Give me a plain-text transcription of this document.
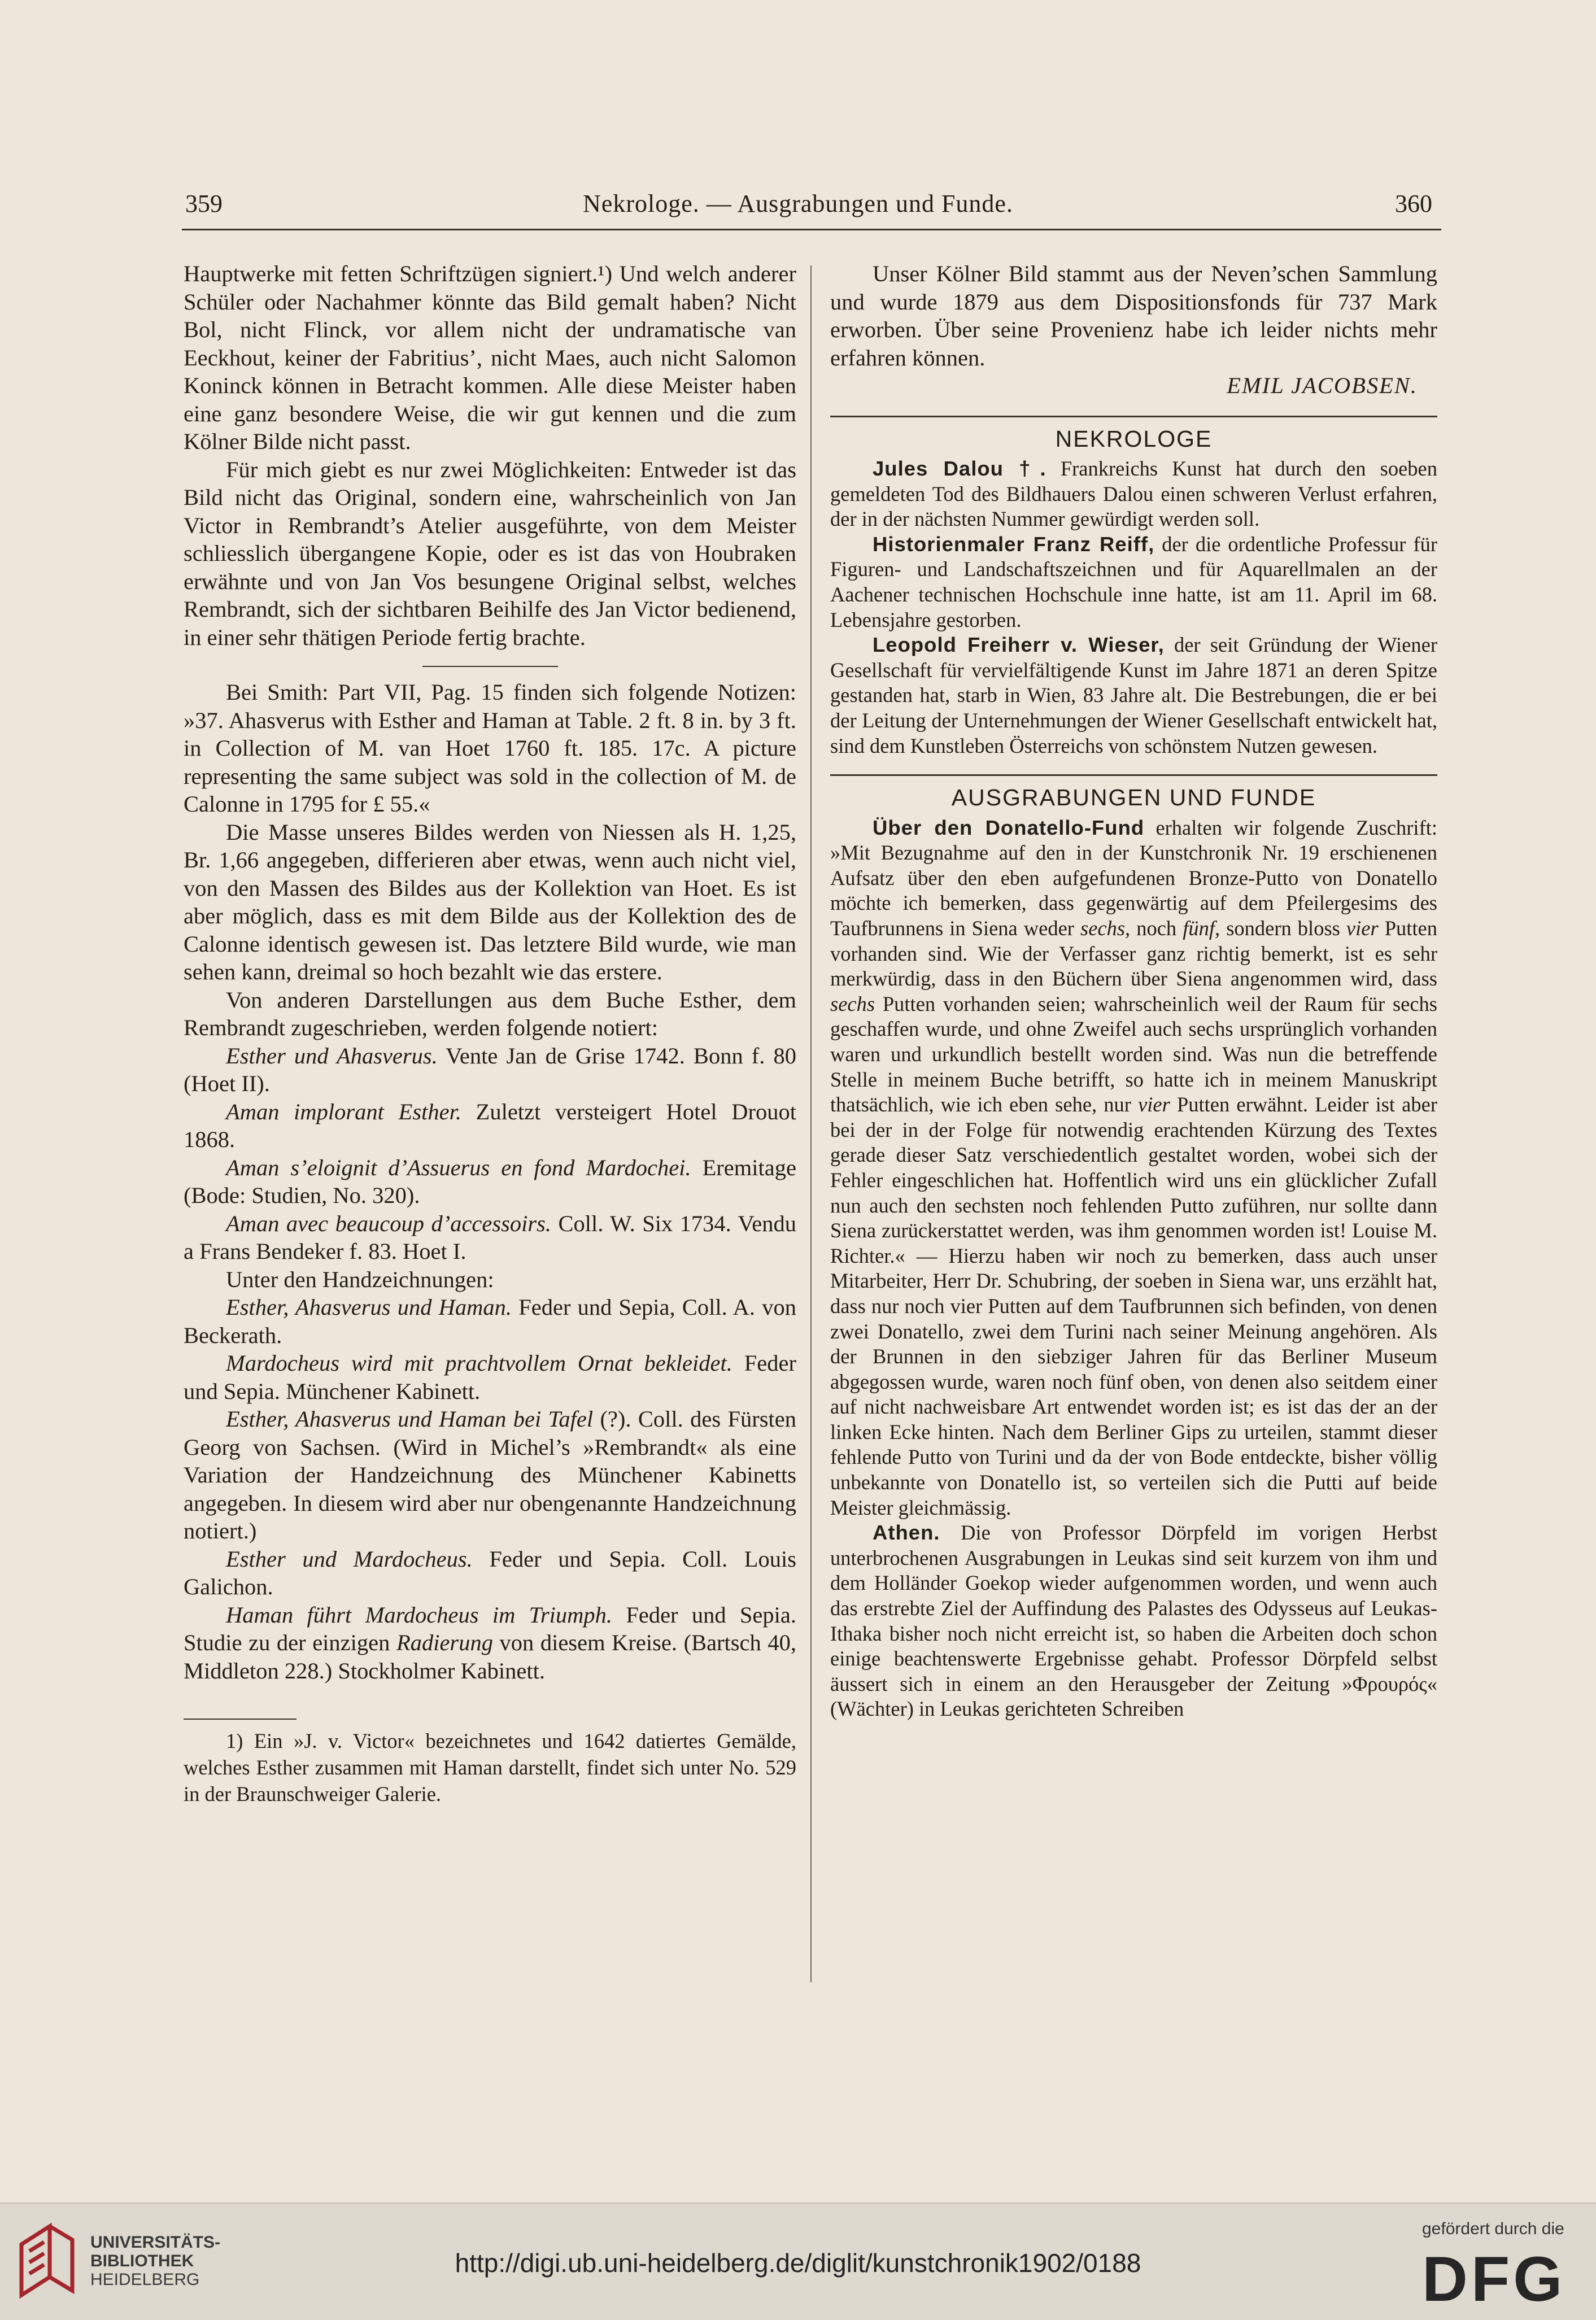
359	Nekrologe. — Ausgrabungen und Funde.	360

Hauptwerke mit fetten Schriftzügen signiert.¹) Und welch anderer Schüler oder Nachahmer könnte das Bild gemalt haben? Nicht Bol, nicht Flinck, vor allem nicht der undramatische van Eeckhout, keiner der Fabritius’, nicht Maes, auch nicht Salomon Koninck können in Betracht kommen. Alle diese Meister haben eine ganz besondere Weise, die wir gut kennen und die zum Kölner Bilde nicht passt.

Für mich giebt es nur zwei Möglichkeiten: Entweder ist das Bild nicht das Original, sondern eine, wahrscheinlich von Jan Victor in Rembrandt’s Atelier ausgeführte, von dem Meister schliesslich übergangene Kopie, oder es ist das von Houbraken erwähnte und von Jan Vos besungene Original selbst, welches Rembrandt, sich der sichtbaren Beihilfe des Jan Victor bedienend, in einer sehr thätigen Periode fertig brachte.

Bei Smith: Part VII, Pag. 15 finden sich folgende Notizen: »37. Ahasverus with Esther and Haman at Table. 2 ft. 8 in. by 3 ft. in Collection of M. van Hoet 1760 ft. 185. 17c. A picture representing the same subject was sold in the collection of M. de Calonne in 1795 for £ 55.«

Die Masse unseres Bildes werden von Niessen als H. 1,25, Br. 1,66 angegeben, differieren aber etwas, wenn auch nicht viel, von den Massen des Bildes aus der Kollektion van Hoet. Es ist aber möglich, dass es mit dem Bilde aus der Kollektion des de Calonne identisch gewesen ist. Das letztere Bild wurde, wie man sehen kann, dreimal so hoch bezahlt wie das erstere.

Von anderen Darstellungen aus dem Buche Esther, dem Rembrandt zugeschrieben, werden folgende notiert:

Esther und Ahasverus. Vente Jan de Grise 1742. Bonn f. 80 (Hoet II).

Aman implorant Esther. Zuletzt versteigert Hotel Drouot 1868.

Aman s’eloignit d’Assuerus en fond Mardochei. Eremitage (Bode: Studien, No. 320).

Aman avec beaucoup d’accessoirs. Coll. W. Six 1734. Vendu a Frans Bendeker f. 83. Hoet I.

Unter den Handzeichnungen:

Esther, Ahasverus und Haman. Feder und Sepia, Coll. A. von Beckerath.

Mardocheus wird mit prachtvollem Ornat bekleidet. Feder und Sepia. Münchener Kabinett.

Esther, Ahasverus und Haman bei Tafel (?). Coll. des Fürsten Georg von Sachsen. (Wird in Michel’s »Rembrandt« als eine Variation der Handzeichnung des Münchener Kabinetts angegeben. In diesem wird aber nur obengenannte Handzeichnung notiert.)

Esther und Mardocheus. Feder und Sepia. Coll. Louis Galichon.

Haman führt Mardocheus im Triumph. Feder und Sepia. Studie zu der einzigen Radierung von diesem Kreise. (Bartsch 40, Middleton 228.) Stockholmer Kabinett.

1) Ein »J. v. Victor« bezeichnetes und 1642 datiertes Gemälde, welches Esther zusammen mit Haman darstellt, findet sich unter No. 529 in der Braunschweiger Galerie.

Unser Kölner Bild stammt aus der Neven’schen Sammlung und wurde 1879 aus dem Dispositionsfonds für 737 Mark erworben. Über seine Provenienz habe ich leider nichts mehr erfahren können.

EMIL JACOBSEN.

NEKROLOGE

Jules Dalou †. Frankreichs Kunst hat durch den soeben gemeldeten Tod des Bildhauers Dalou einen schweren Verlust erfahren, der in der nächsten Nummer gewürdigt werden soll.

Historienmaler Franz Reiff, der die ordentliche Professur für Figuren- und Landschaftszeichnen und für Aquarellmalen an der Aachener technischen Hochschule inne hatte, ist am 11. April im 68. Lebensjahre gestorben.

Leopold Freiherr v. Wieser, der seit Gründung der Wiener Gesellschaft für vervielfältigende Kunst im Jahre 1871 an deren Spitze gestanden hat, starb in Wien, 83 Jahre alt. Die Bestrebungen, die er bei der Leitung der Unternehmungen der Wiener Gesellschaft entwickelt hat, sind dem Kunstleben Österreichs von schönstem Nutzen gewesen.

AUSGRABUNGEN UND FUNDE

Über den Donatello-Fund erhalten wir folgende Zuschrift: »Mit Bezugnahme auf den in der Kunstchronik Nr. 19 erschienenen Aufsatz über den eben aufgefundenen Bronze-Putto von Donatello möchte ich bemerken, dass gegenwärtig auf dem Pfeilergesims des Taufbrunnens in Siena weder sechs, noch fünf, sondern bloss vier Putten vorhanden sind. Wie der Verfasser ganz richtig bemerkt, ist es sehr merkwürdig, dass in den Büchern über Siena angenommen wird, dass sechs Putten vorhanden seien; wahrscheinlich weil der Raum für sechs geschaffen wurde, und ohne Zweifel auch sechs ursprünglich vorhanden waren und urkundlich bestellt worden sind. Was nun die betreffende Stelle in meinem Buche betrifft, so hatte ich in meinem Manuskript thatsächlich, wie ich eben sehe, nur vier Putten erwähnt. Leider ist aber bei der in der Folge für notwendig erachtenden Kürzung des Textes gerade dieser Satz verschiedentlich gestaltet worden, wobei sich der Fehler eingeschlichen hat. Hoffentlich wird uns ein glücklicher Zufall nun auch den sechsten noch fehlenden Putto zuführen, nur sollte dann Siena zurückerstattet werden, was ihm genommen worden ist! Louise M. Richter.« — Hierzu haben wir noch zu bemerken, dass auch unser Mitarbeiter, Herr Dr. Schubring, der soeben in Siena war, uns erzählt hat, dass nur noch vier Putten auf dem Taufbrunnen sich befinden, von denen zwei Donatello, zwei dem Turini nach seiner Meinung angehören. Als der Brunnen in den siebziger Jahren für das Berliner Museum abgegossen wurde, waren noch fünf oben, von denen also seitdem einer auf nicht nachweisbare Art entwendet worden ist; es ist das der an der linken Ecke hinten. Nach dem Berliner Gips zu urteilen, stammt dieser fehlende Putto von Turini und da der von Bode entdeckte, bisher völlig unbekannte von Donatello ist, so verteilen sich die Putti auf beide Meister gleichmässig.

Athen. Die von Professor Dörpfeld im vorigen Herbst unterbrochenen Ausgrabungen in Leukas sind seit kurzem von ihm und dem Holländer Goekop wieder aufgenommen worden, und wenn auch das erstrebte Ziel der Auffindung des Palastes des Odysseus auf Leukas-Ithaka bisher noch nicht erreicht ist, so haben die Arbeiten doch schon einige beachtenswerte Ergebnisse gehabt. Professor Dörpfeld selbst äussert sich in einem an den Herausgeber der Zeitung »Φρουρός« (Wächter) in Leukas gerichteten Schreiben

UNIVERSITÄTS-
BIBLIOTHEK
HEIDELBERG
http://digi.ub.uni-heidelberg.de/diglit/kunstchronik1902/0188
gefördert durch die
DFG
